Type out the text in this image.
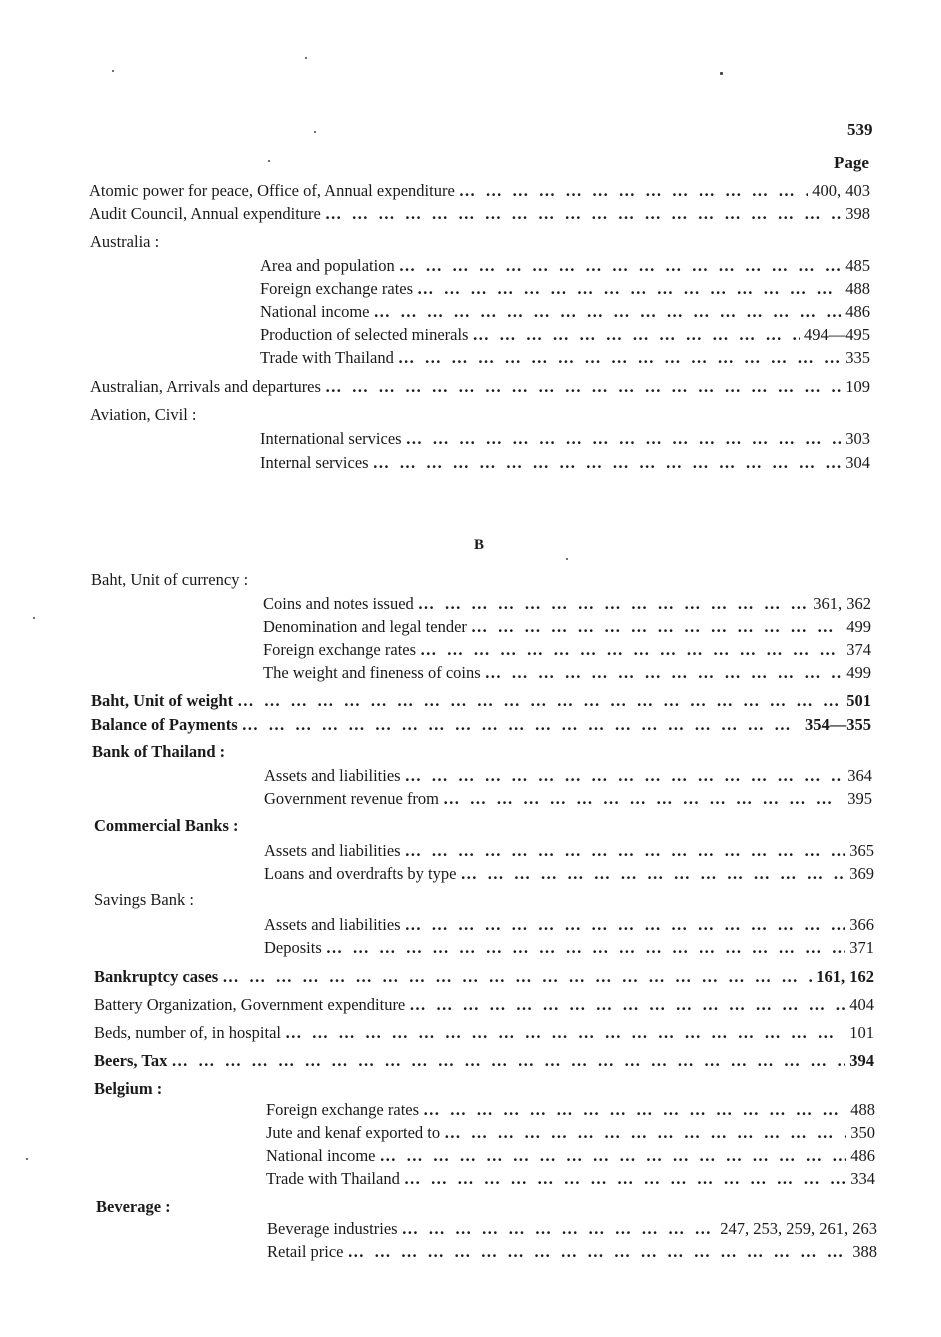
539
Page
Atomic power for peace, Office of, Annual expenditure … … … … … … … … … … … … … … … … … … … … … … … … … … … … … … … … … … … … … … … … … … … … … … … … … … … … … … … … …	400, 403
Audit Council, Annual expenditure … … … … … … … … … … … … … … … … … … … … … … … … … … … … … … … … … … … … … … … … … … … … … … … … … … … … … … … … …	398
Australia :
Area and population … … … … … … … … … … … … … … … … … … … … … … … … … … … … … … … … … … … … … … … … … … … … … … … … … … … … … … … … …	485
Foreign exchange rates … … … … … … … … … … … … … … … … … … … … … … … … … … … … … … … … … … … … … … … … … … … … … … … … … … … … … … … … …	488
National income … … … … … … … … … … … … … … … … … … … … … … … … … … … … … … … … … … … … … … … … … … … … … … … … … … … … … … … … …	486
Production of selected minerals … … … … … … … … … … … … … … … … … … … … … … … … … … … … … … … … … … … … … … … … … … … … … … … … … … … … … … … … …	494—495
Trade with Thailand … … … … … … … … … … … … … … … … … … … … … … … … … … … … … … … … … … … … … … … … … … … … … … … … … … … … … … … … …	335
Australian, Arrivals and departures … … … … … … … … … … … … … … … … … … … … … … … … … … … … … … … … … … … … … … … … … … … … … … … … … … … … … … … … …	109
Aviation, Civil :
International services … … … … … … … … … … … … … … … … … … … … … … … … … … … … … … … … … … … … … … … … … … … … … … … … … … … … … … … … …	303
Internal services … … … … … … … … … … … … … … … … … … … … … … … … … … … … … … … … … … … … … … … … … … … … … … … … … … … … … … … … …	304
B
Baht, Unit of currency :
Coins and notes issued … … … … … … … … … … … … … … … … … … … … … … … … … … … … … … … … … … … … … … … … … … … … … … … … … … … … … … … … …	361, 362
Denomination and legal tender … … … … … … … … … … … … … … … … … … … … … … … … … … … … … … … … … … … … … … … … … … … … … … … … … … … … … … … … …	499
Foreign exchange rates … … … … … … … … … … … … … … … … … … … … … … … … … … … … … … … … … … … … … … … … … … … … … … … … … … … … … … … … …	374
The weight and fineness of coins … … … … … … … … … … … … … … … … … … … … … … … … … … … … … … … … … … … … … … … … … … … … … … … … … … … … … … … … …	499
Baht, Unit of weight … … … … … … … … … … … … … … … … … … … … … … … … … … … … … … … … … … … … … … … … … … … … … … … … … … … … … … … … …	501
Balance of Payments … … … … … … … … … … … … … … … … … … … … … … … … … … … … … … … … … … … … … … … … … … … … … … … … … … … … … … … … …	354—355
Bank of Thailand :
Assets and liabilities … … … … … … … … … … … … … … … … … … … … … … … … … … … … … … … … … … … … … … … … … … … … … … … … … … … … … … … … …	364
Government revenue from … … … … … … … … … … … … … … … … … … … … … … … … … … … … … … … … … … … … … … … … … … … … … … … … … … … … … … … … …	395
Commercial Banks :
Assets and liabilities … … … … … … … … … … … … … … … … … … … … … … … … … … … … … … … … … … … … … … … … … … … … … … … … … … … … … … … … …	365
Loans and overdrafts by type … … … … … … … … … … … … … … … … … … … … … … … … … … … … … … … … … … … … … … … … … … … … … … … … … … … … … … … … …	369
Savings Bank :
Assets and liabilities … … … … … … … … … … … … … … … … … … … … … … … … … … … … … … … … … … … … … … … … … … … … … … … … … … … … … … … … …	366
Deposits … … … … … … … … … … … … … … … … … … … … … … … … … … … … … … … … … … … … … … … … … … … … … … … … … … … … … … … … …	371
Bankruptcy cases … … … … … … … … … … … … … … … … … … … … … … … … … … … … … … … … … … … … … … … … … … … … … … … … … … … … … … … … …	161, 162
Battery Organization, Government expenditure … … … … … … … … … … … … … … … … … … … … … … … … … … … … … … … … … … … … … … … … … … … … … … … … … … … … … … … … …	404
Beds, number of, in hospital … … … … … … … … … … … … … … … … … … … … … … … … … … … … … … … … … … … … … … … … … … … … … … … … … … … … … … … … …	101
Beers, Tax … … … … … … … … … … … … … … … … … … … … … … … … … … … … … … … … … … … … … … … … … … … … … … … … … … … … … … … … …	394
Belgium :
Foreign exchange rates … … … … … … … … … … … … … … … … … … … … … … … … … … … … … … … … … … … … … … … … … … … … … … … … … … … … … … … … …	488
Jute and kenaf exported to … … … … … … … … … … … … … … … … … … … … … … … … … … … … … … … … … … … … … … … … … … … … … … … … … … … … … … … … …	350
National income … … … … … … … … … … … … … … … … … … … … … … … … … … … … … … … … … … … … … … … … … … … … … … … … … … … … … … … … …	486
Trade with Thailand … … … … … … … … … … … … … … … … … … … … … … … … … … … … … … … … … … … … … … … … … … … … … … … … … … … … … … … … …	334
Beverage :
Beverage industries … … … … … … … … … … … … … … … … … … … … … … … … … … … … … … … … … … … … … … … … … … … … … … … … … … … … … … … … …	247, 253, 259, 261, 263
Retail price … … … … … … … … … … … … … … … … … … … … … … … … … … … … … … … … … … … … … … … … … … … … … … … … … … … … … … … … …	388
